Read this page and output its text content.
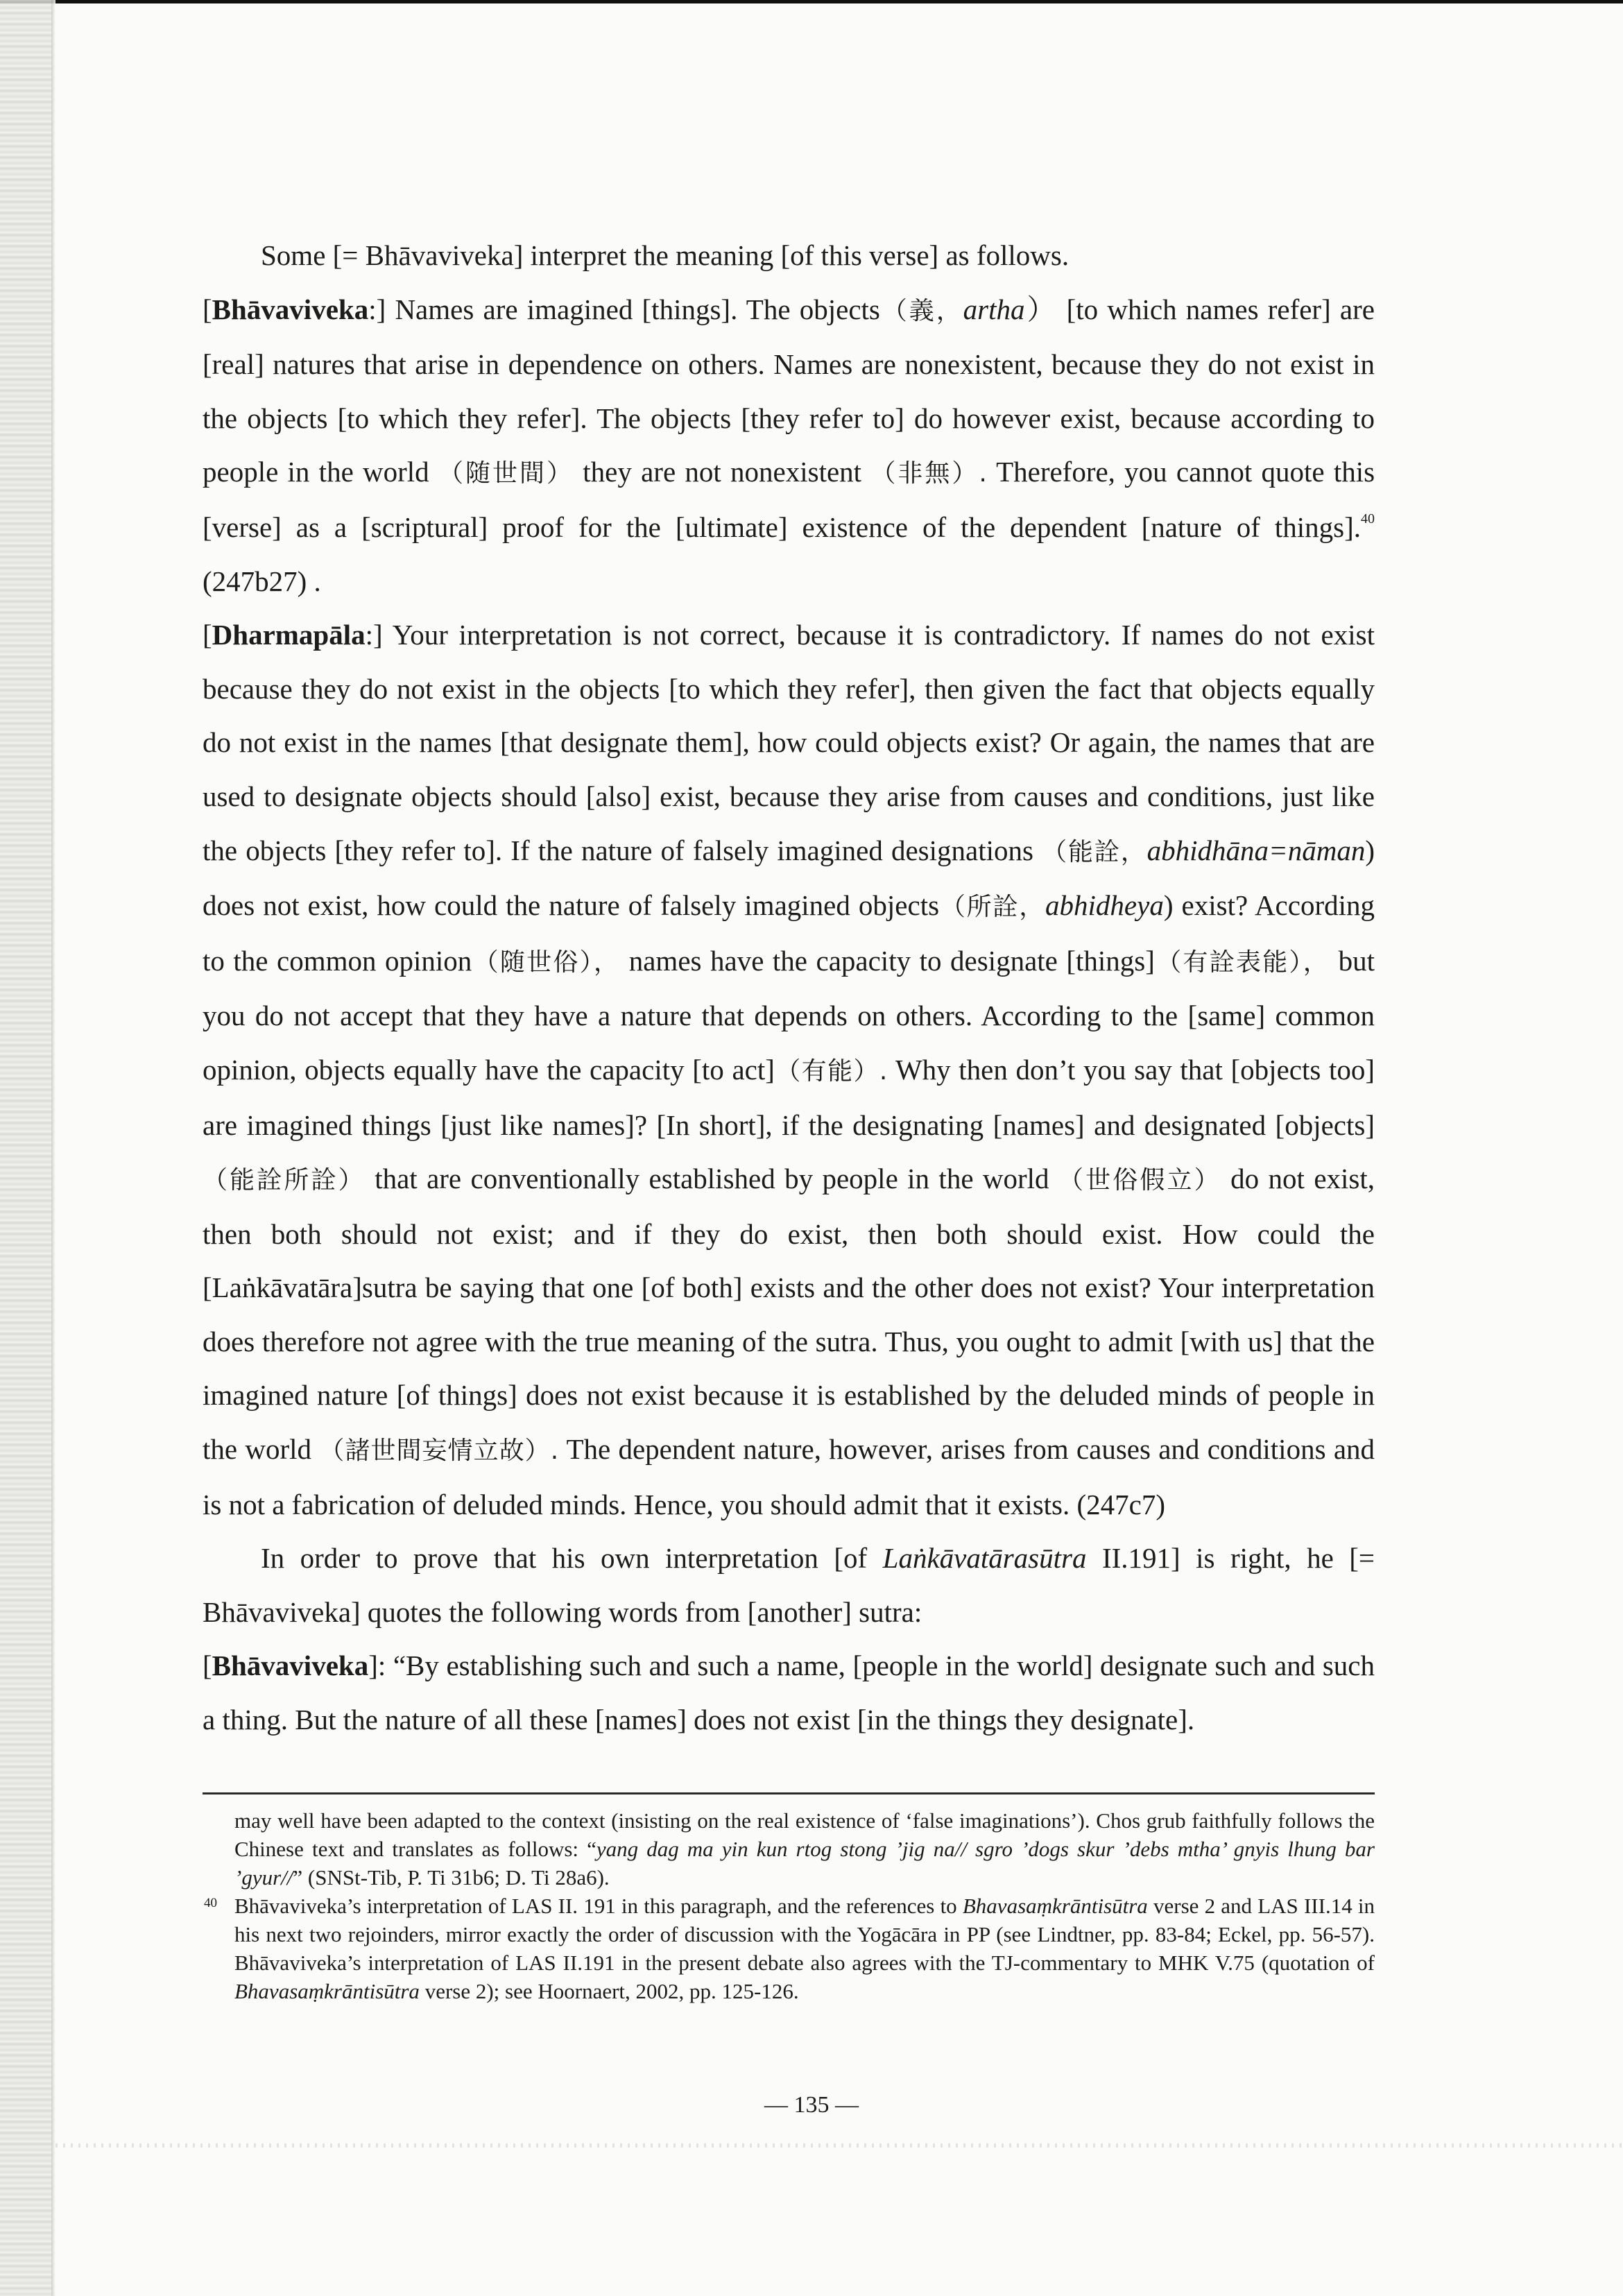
Some [= Bhāvaviveka] interpret the meaning [of this verse] as follows.

[Bhāvaviveka:] Names are imagined [things]. The objects（義，artha） [to which names refer] are [real] natures that arise in dependence on others. Names are nonexistent, because they do not exist in the objects [to which they refer]. The objects [they refer to] do however exist, because according to people in the world （随世間） they are not nonexistent （非無）. Therefore, you cannot quote this [verse] as a [scriptural] proof for the [ultimate] existence of the dependent [nature of things].$^{40}$ (247b27) .

[Dharmapāla:] Your interpretation is not correct, because it is contradictory. If names do not exist because they do not exist in the objects [to which they refer], then given the fact that objects equally do not exist in the names [that designate them], how could objects exist? Or again, the names that are used to designate objects should [also] exist, because they arise from causes and conditions, just like the objects [they refer to]. If the nature of falsely imagined designations （能詮，abhidhāna=nāman) does not exist, how could the nature of falsely imagined objects（所詮，abhidheya) exist? According to the common opinion（随世俗）， names have the capacity to designate [things]（有詮表能）， but you do not accept that they have a nature that depends on others. According to the [same] common opinion, objects equally have the capacity [to act]（有能）. Why then don’t you say that [objects too] are imagined things [just like names]? [In short], if the designating [names] and designated [objects]（能詮所詮） that are conventionally established by people in the world （世俗假立） do not exist, then both should not exist; and if they do exist, then both should exist. How could the [Laṅkāvatāra]sutra be saying that one [of both] exists and the other does not exist? Your interpretation does therefore not agree with the true meaning of the sutra. Thus, you ought to admit [with us] that the imagined nature [of things] does not exist because it is established by the deluded minds of people in the world （諸世間妄情立故）. The dependent nature, however, arises from causes and conditions and is not a fabrication of deluded minds. Hence, you should admit that it exists. (247c7)

In order to prove that his own interpretation [of Laṅkāvatārasūtra II.191] is right, he [= Bhāvaviveka] quotes the following words from [another] sutra:

[Bhāvaviveka]: “By establishing such and such a name, [people in the world] designate such and such a thing. But the nature of all these [names] does not exist [in the things they designate].

may well have been adapted to the context (insisting on the real existence of ‘false imaginations’). Chos grub faithfully follows the Chinese text and translates as follows: “yang dag ma yin kun rtog stong ’jig na// sgro ’dogs skur ’debs mtha’ gnyis lhung bar ’gyur//” (SNSt-Tib, P. Ti 31b6; D. Ti 28a6).

40 Bhāvaviveka’s interpretation of LAS II. 191 in this paragraph, and the references to Bhavasaṃkrāntisūtra verse 2 and LAS III.14 in his next two rejoinders, mirror exactly the order of discussion with the Yogācāra in PP (see Lindtner, pp. 83-84; Eckel, pp. 56-57). Bhāvaviveka’s interpretation of LAS II.191 in the present debate also agrees with the TJ-commentary to MHK V.75 (quotation of Bhavasaṃkrāntisūtra verse 2); see Hoornaert, 2002, pp. 125-126.

— 135 —
